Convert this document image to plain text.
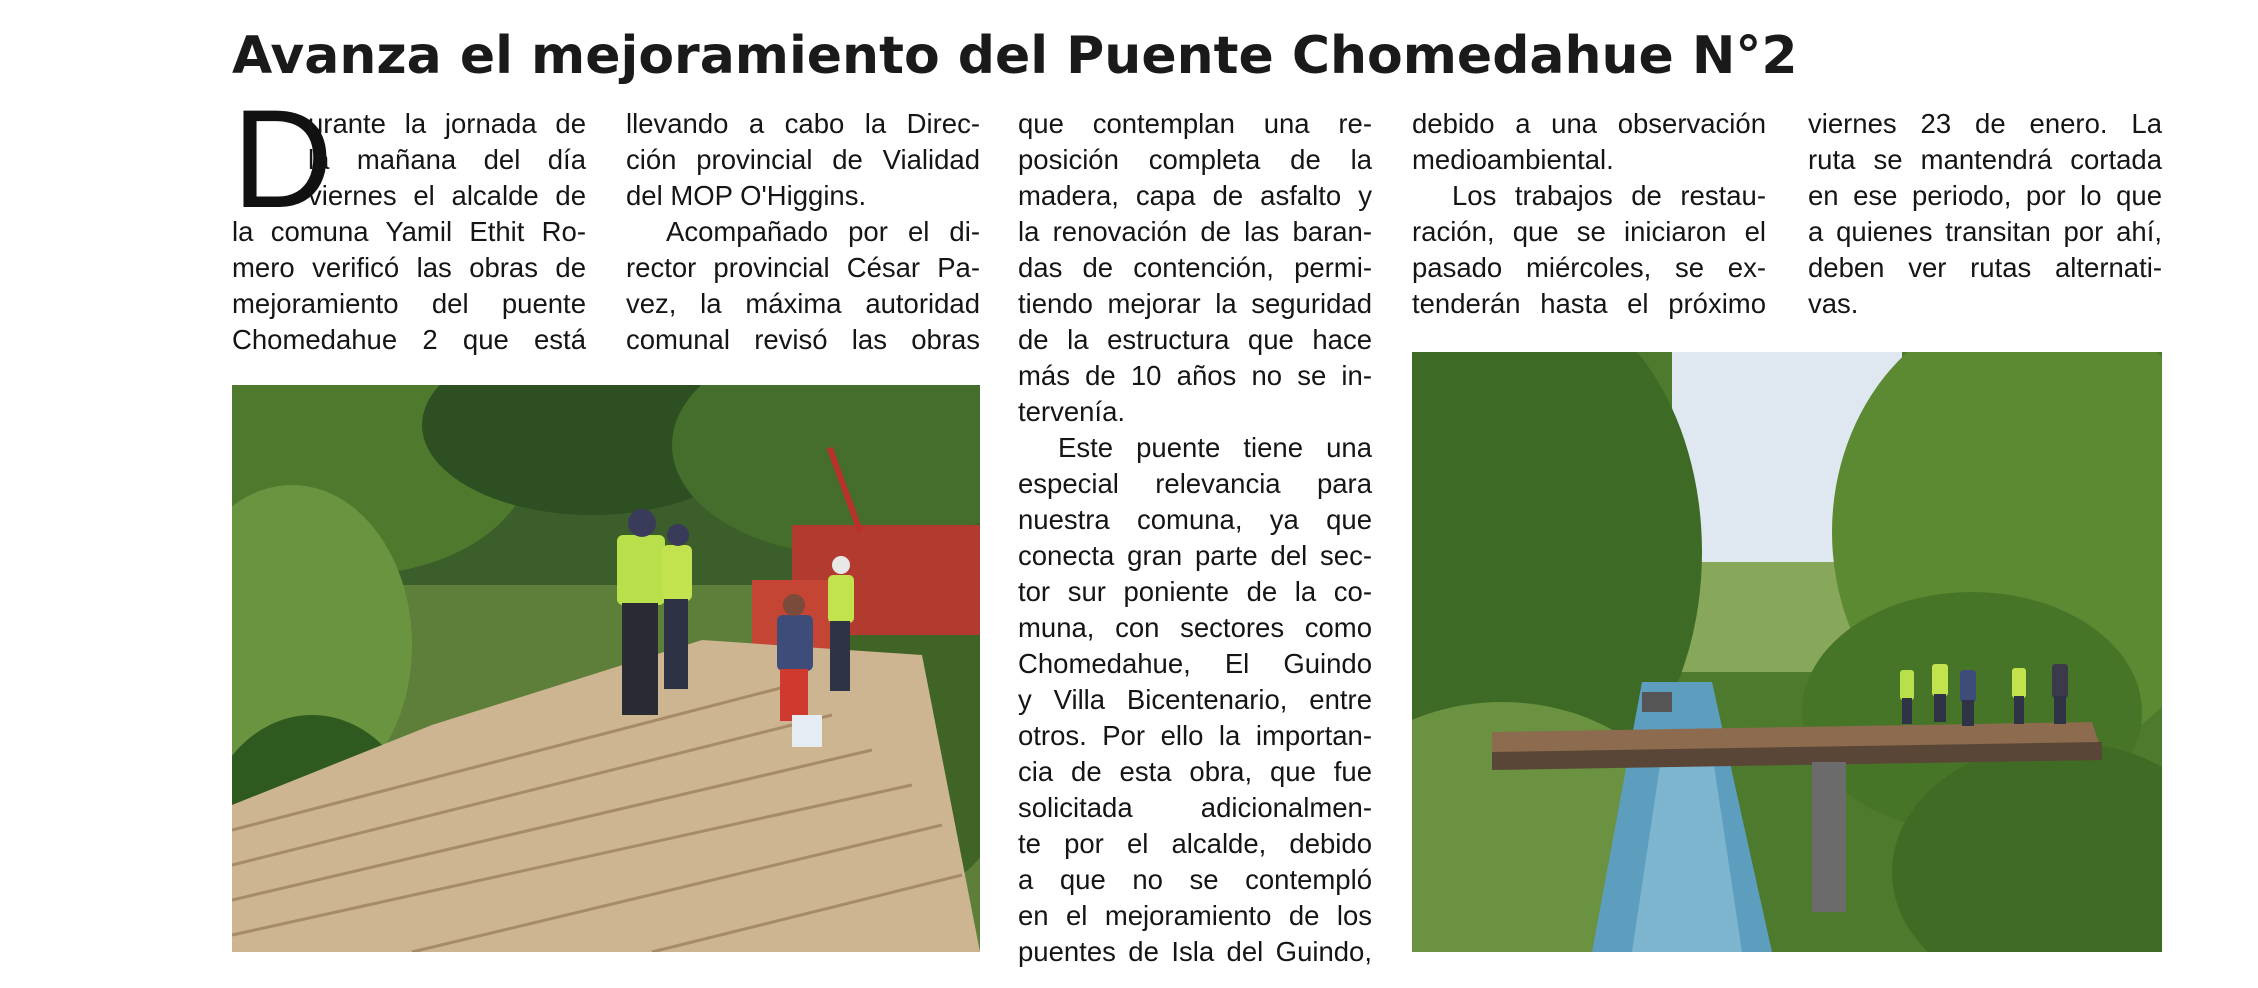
Avanza el mejoramiento del Puente Chomedahue N°2
D
urante la jornada de
la mañana del día
viernes el alcalde de
la comuna Yamil Ethit Ro-
mero verificó las obras de
mejoramiento del puente
Chomedahue 2 que está
llevando a cabo la Direc-
ción provincial de Vialidad
del MOP O'Higgins.
Acompañado por el di-
rector provincial César Pa-
vez, la máxima autoridad
comunal revisó las obras
que contemplan una re-
posición completa de la
madera, capa de asfalto y
la renovación de las baran-
das de contención, permi-
tiendo mejorar la seguridad
de la estructura que hace
más de 10 años no se in-
tervenía.
Este puente tiene una
especial relevancia para
nuestra comuna, ya que
conecta gran parte del sec-
tor sur poniente de la co-
muna, con sectores como
Chomedahue, El Guindo
y Villa Bicentenario, entre
otros. Por ello la importan-
cia de esta obra, que fue
solicitada adicionalmen-
te por el alcalde, debido
a que no se contempló
en el mejoramiento de los
puentes de Isla del Guindo,
debido a una observación
medioambiental.
Los trabajos de restau-
ración, que se iniciaron el
pasado miércoles, se ex-
tenderán hasta el próximo
viernes 23 de enero. La
ruta se mantendrá cortada
en ese periodo, por lo que
a quienes transitan por ahí,
deben ver rutas alternati-
vas.
